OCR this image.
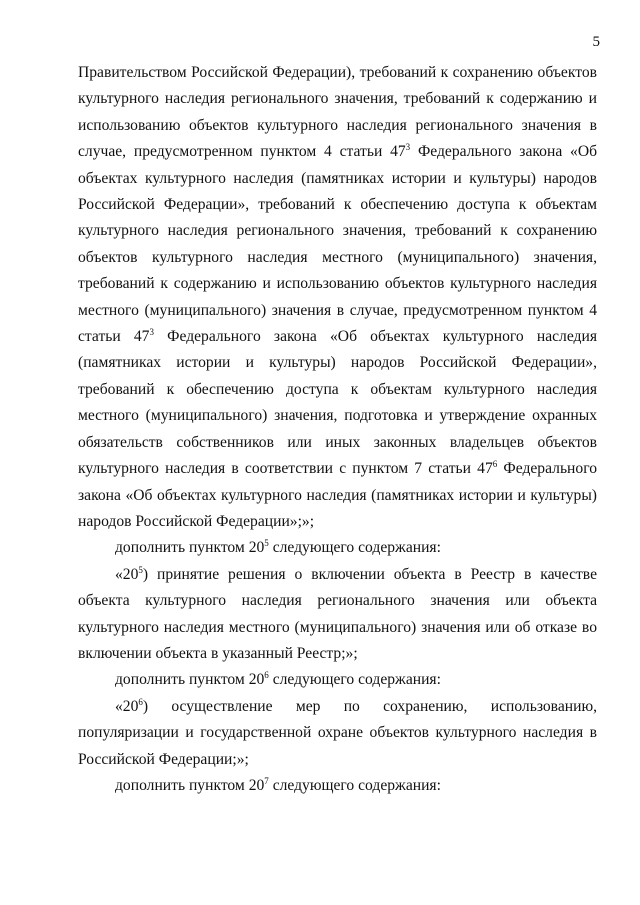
5

Правительством Российской Федерации), требований к сохранению объектов культурного наследия регионального значения, требований к содержанию и использованию объектов культурного наследия регионального значения в случае, предусмотренном пунктом 4 статьи $47^3$ Федерального закона «Об объектах культурного наследия (памятниках истории и культуры) народов Российской Федерации», требований к обеспечению доступа к объектам культурного наследия регионального значения, требований к сохранению объектов культурного наследия местного (муниципального) значения, требований к содержанию и использованию объектов культурного наследия местного (муниципального) значения в случае, предусмотренном пунктом 4 статьи $47^3$ Федерального закона «Об объектах культурного наследия (памятниках истории и культуры) народов Российской Федерации», требований к обеспечению доступа к объектам культурного наследия местного (муниципального) значения, подготовка и утверждение охранных обязательств собственников или иных законных владельцев объектов культурного наследия в соответствии с пунктом 7 статьи $47^6$ Федерального закона «Об объектах культурного наследия (памятниках истории и культуры) народов Российской Федерации»;»;

дополнить пунктом $20^5$ следующего содержания:

«$20^5$) принятие решения о включении объекта в Реестр в качестве объекта культурного наследия регионального значения или объекта культурного наследия местного (муниципального) значения или об отказе во включении объекта в указанный Реестр;»;

дополнить пунктом $20^6$ следующего содержания:

«$20^6$) осуществление мер по сохранению, использованию, популяризации и государственной охране объектов культурного наследия в Российской Федерации;»;

дополнить пунктом $20^7$ следующего содержания:
